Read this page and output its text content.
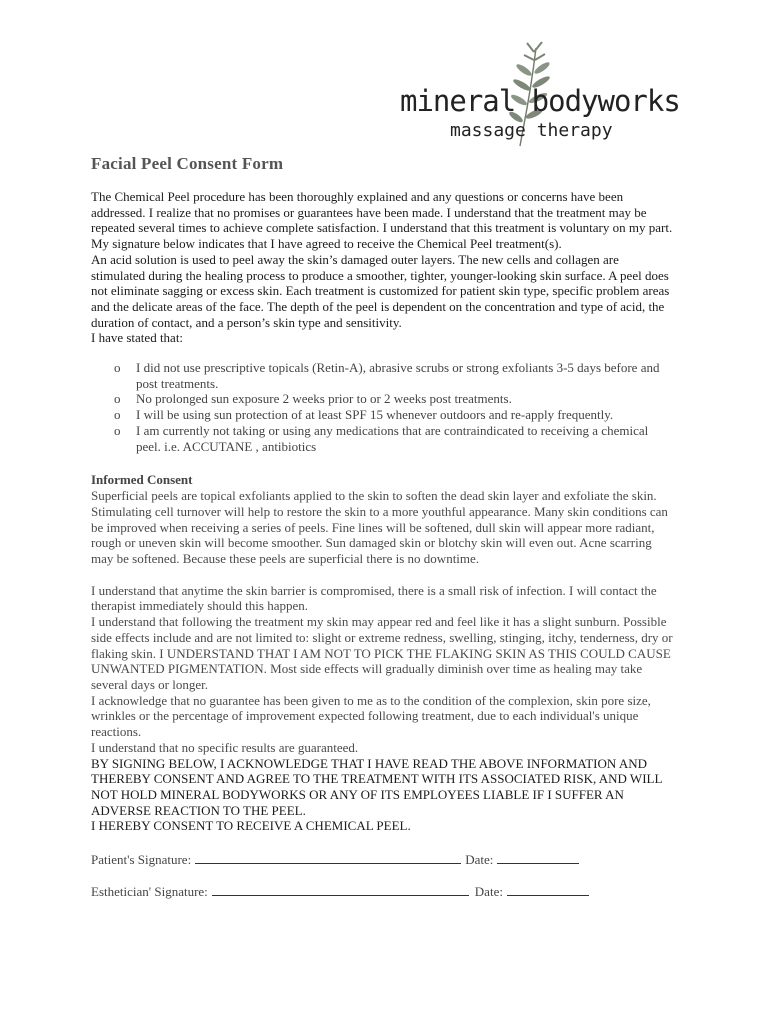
mineral bodyworks
massage therapy
Facial Peel Consent Form

The Chemical Peel procedure has been thoroughly explained and any questions or concerns have been addressed. I realize that no promises or guarantees have been made. I understand that the treatment may be repeated several times to achieve complete satisfaction. I understand that this treatment is voluntary on my part. My signature below indicates that I have agreed to receive the Chemical Peel treatment(s).

An acid solution is used to peel away the skin’s damaged outer layers. The new cells and collagen are stimulated during the healing process to produce a smoother, tighter, younger-looking skin surface. A peel does not eliminate sagging or excess skin. Each treatment is customized for patient skin type, specific problem areas and the delicate areas of the face. The depth of the peel is dependent on the concentration and type of acid, the duration of contact, and a person’s skin type and sensitivity.

I have stated that:

o I did not use prescriptive topicals (Retin-A), abrasive scrubs or strong exfoliants 3-5 days before and post treatments.
o No prolonged sun exposure 2 weeks prior to or 2 weeks post treatments.
o I will be using sun protection of at least SPF 15 whenever outdoors and re-apply frequently.
o I am currently not taking or using any medications that are contraindicated to receiving a chemical peel. i.e. ACCUTANE , antibiotics
Informed Consent

Superficial peels are topical exfoliants applied to the skin to soften the dead skin layer and exfoliate the skin. Stimulating cell turnover will help to restore the skin to a more youthful appearance. Many skin conditions can be improved when receiving a series of peels. Fine lines will be softened, dull skin will appear more radiant, rough or uneven skin will become smoother. Sun damaged skin or blotchy skin will even out. Acne scarring may be softened. Because these peels are superficial there is no downtime.

I understand that anytime the skin barrier is compromised, there is a small risk of infection. I will contact the therapist immediately should this happen.

I understand that following the treatment my skin may appear red and feel like it has a slight sunburn. Possible side effects include and are not limited to: slight or extreme redness, swelling, stinging, itchy, tenderness, dry or flaking skin. I UNDERSTAND THAT I AM NOT TO PICK THE FLAKING SKIN AS THIS COULD CAUSE UNWANTED PIGMENTATION. Most side effects will gradually diminish over time as healing may take several days or longer.

I acknowledge that no guarantee has been given to me as to the condition of the complexion, skin pore size, wrinkles or the percentage of improvement expected following treatment, due to each individual's unique reactions.

I understand that no specific results are guaranteed.

BY SIGNING BELOW, I ACKNOWLEDGE THAT I HAVE READ THE ABOVE INFORMATION AND THEREBY CONSENT AND AGREE TO THE TREATMENT WITH ITS ASSOCIATED RISK, AND WILL NOT HOLD MINERAL BODYWORKS OR ANY OF ITS EMPLOYEES LIABLE IF I SUFFER AN ADVERSE REACTION TO THE PEEL.

I HEREBY CONSENT TO RECEIVE A CHEMICAL PEEL.

Patient's Signature:	Date:
Esthetician' Signature:	Date:
